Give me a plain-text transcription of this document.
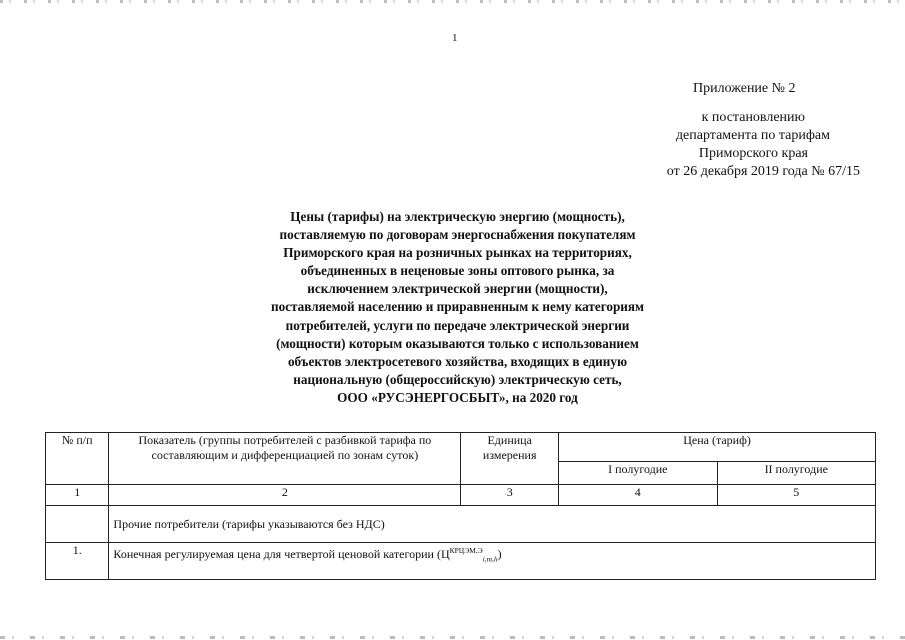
1
Приложение № 2
к постановлению
департамента по тарифам
Приморского края
от 26 декабря 2019 года № 67/15
Цены (тарифы) на электрическую энергию (мощность),
поставляемую по договорам энергоснабжения покупателям
Приморского края на розничных рынках на территориях,
объединенных в неценовые зоны оптового рынка, за
исключением электрической энергии (мощности),
поставляемой населению и приравненным к нему категориям
потребителей, услуги по передаче электрической энергии
(мощности) которым оказываются только с использованием
объектов электросетевого хозяйства, входящих в единую
национальную (общероссийскую) электрическую сеть,
ООО «РУСЭНЕРГОСБЫТ», на 2020 год
№ п/п	Показатель (группы потребителей с разбивкой тарифа по составляющим и дифференциацией по зонам суток)	Единица измерения	Цена (тариф)	
			I полугодие	II полугодие
1	2	3	4	5
	Прочие потребители (тарифы указываются без НДС)			
1.	Конечная регулируемая цена для четвертой ценовой категории $(Ц^{КРЦЭМ,Э}_{i,m,h})$			
